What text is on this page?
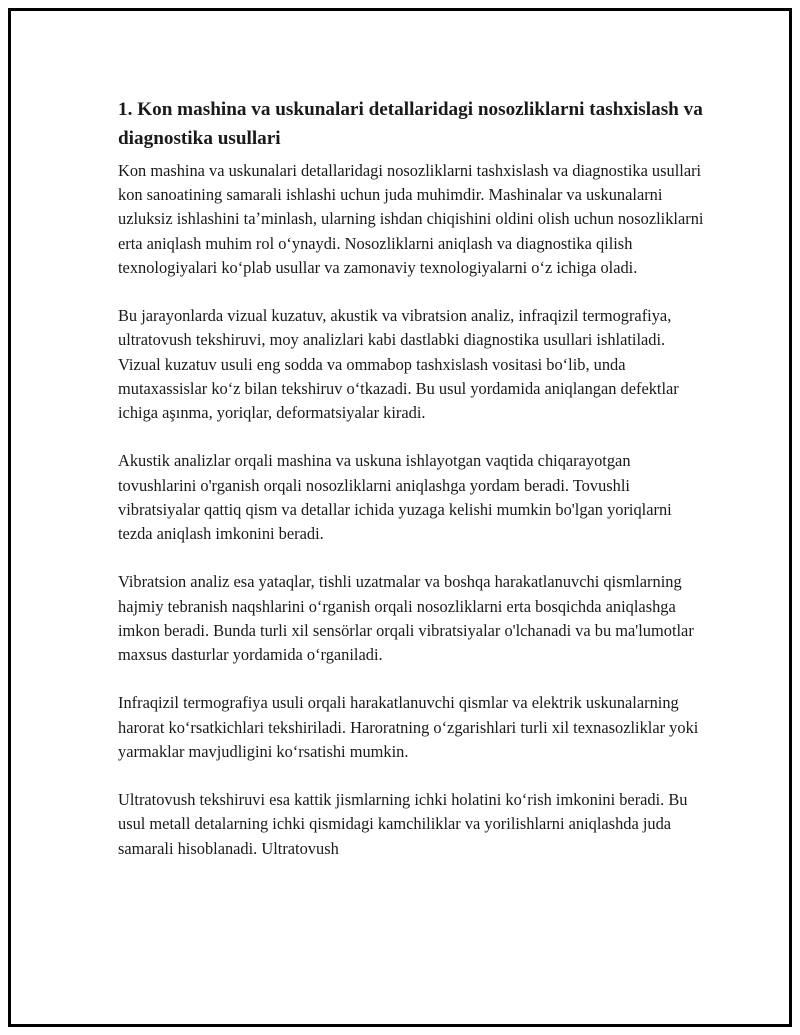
1. Kon mashina va uskunalari detallaridagi nosozliklarni tashxislash va diagnostika usullari

Kon mashina va uskunalari detallaridagi nosozliklarni tashxislash va diagnostika usullari kon sanoatining samarali ishlashi uchun juda muhimdir. Mashinalar va uskunalarni uzluksiz ishlashini taʼminlash, ularning ishdan chiqishini oldini olish uchun nosozliklarni erta aniqlash muhim rol oʻynaydi. Nosozliklarni aniqlash va diagnostika qilish texnologiyalari koʻplab usullar va zamonaviy texnologiyalarni oʻz ichiga oladi.

Bu jarayonlarda vizual kuzatuv, akustik va vibratsion analiz, infraqizil termografiya, ultratovush tekshiruvi, moy analizlari kabi dastlabki diagnostika usullari ishlatiladi. Vizual kuzatuv usuli eng sodda va ommabop tashxislash vositasi boʻlib, unda mutaxassislar koʻz bilan tekshiruv oʻtkazadi. Bu usul yordamida aniqlangan defektlar ichiga aşınma, yoriqlar, deformatsiyalar kiradi.

Akustik analizlar orqali mashina va uskuna ishlayotgan vaqtida chiqarayotgan tovushlarini o'rganish orqali nosozliklarni aniqlashga yordam beradi. Tovushli vibratsiyalar qattiq qism va detallar ichida yuzaga kelishi mumkin bo'lgan yoriqlarni tezda aniqlash imkonini beradi.

Vibratsion analiz esa yataqlar, tishli uzatmalar va boshqa harakatlanuvchi qismlarning hajmiy tebranish naqshlarini oʻrganish orqali nosozliklarni erta bosqichda aniqlashga imkon beradi. Bunda turli xil sensörlar orqali vibratsiyalar o'lchanadi va bu ma'lumotlar maxsus dasturlar yordamida oʻrganiladi.

Infraqizil termografiya usuli orqali harakatlanuvchi qismlar va elektrik uskunalarning harorat koʻrsatkichlari tekshiriladi. Haroratning oʻzgarishlari turli xil texnasozliklar yoki yarmaklar mavjudligini koʻrsatishi mumkin.

Ultratovush tekshiruvi esa kattik jismlarning ichki holatini koʻrish imkonini beradi. Bu usul metall detalarning ichki qismidagi kamchiliklar va yorilishlarni aniqlashda juda samarali hisoblanadi. Ultratovush
